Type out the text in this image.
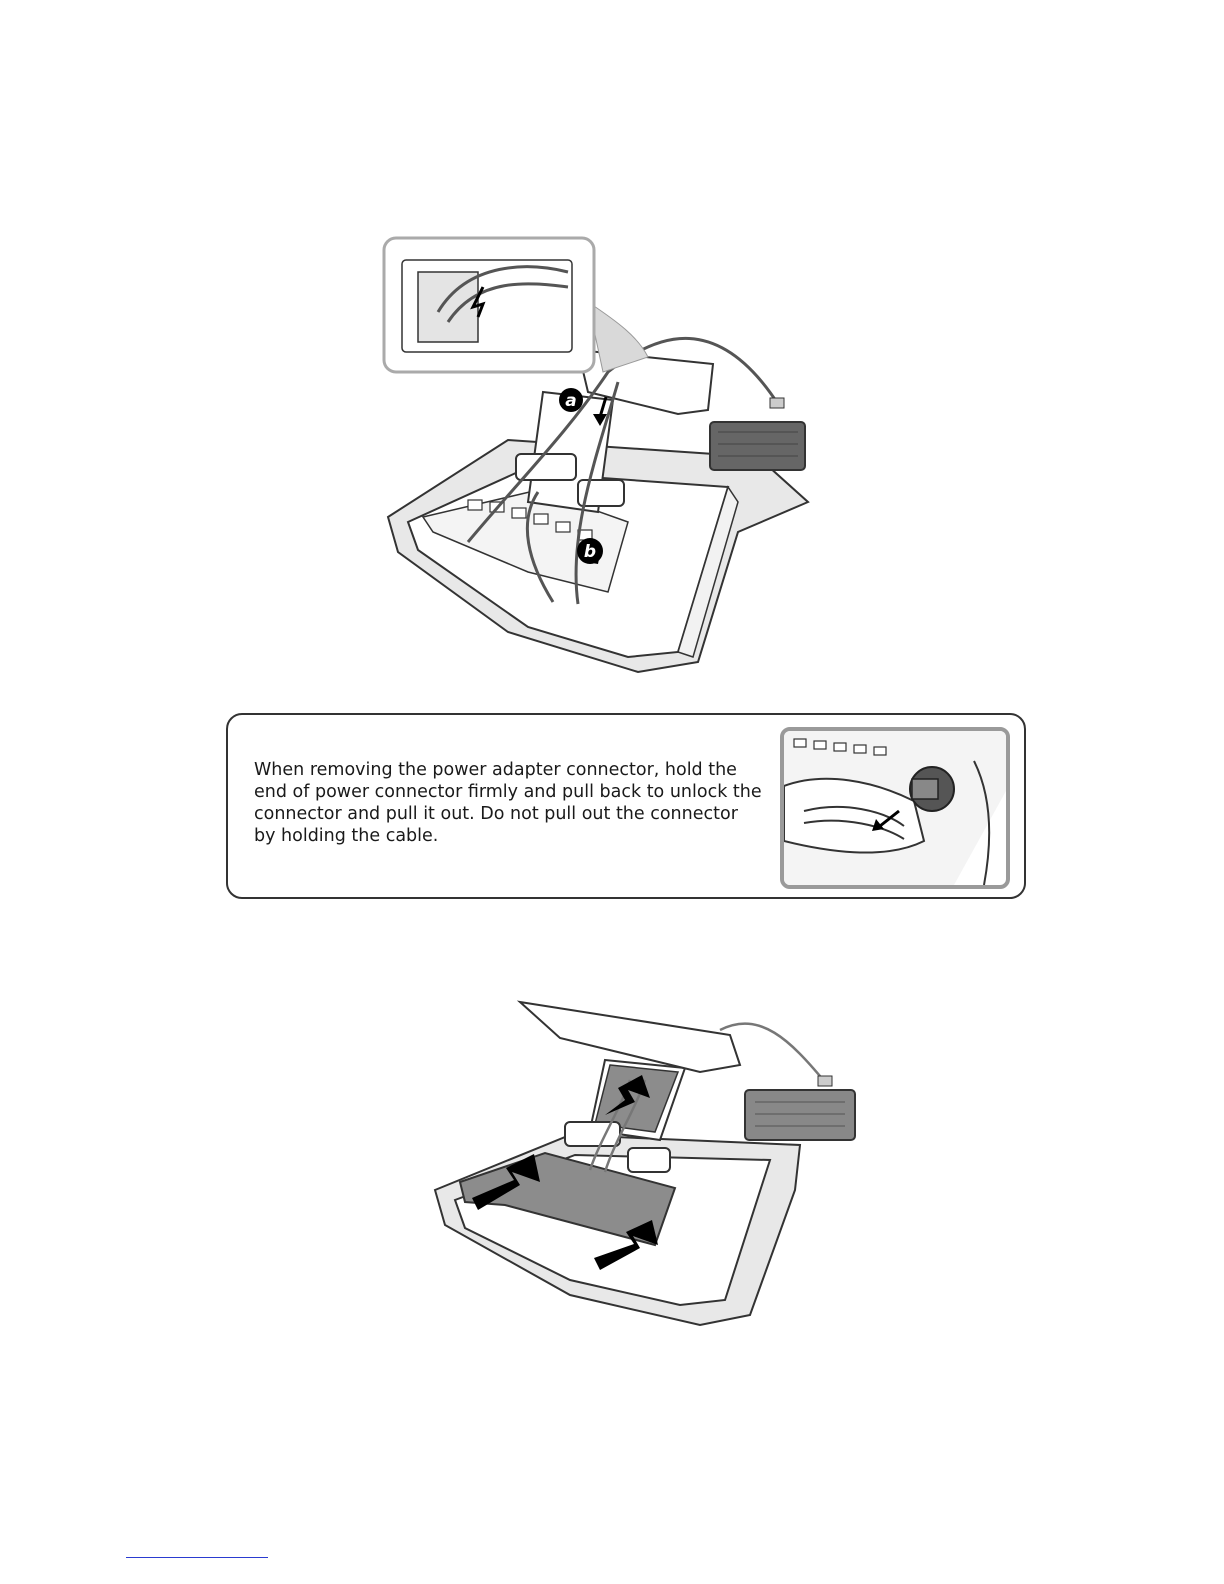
a
b
When removing the power adapter connector, hold the end of power connector firmly and pull back to unlock the connector and pull it out. Do not pull out the connector by holding the cable.
